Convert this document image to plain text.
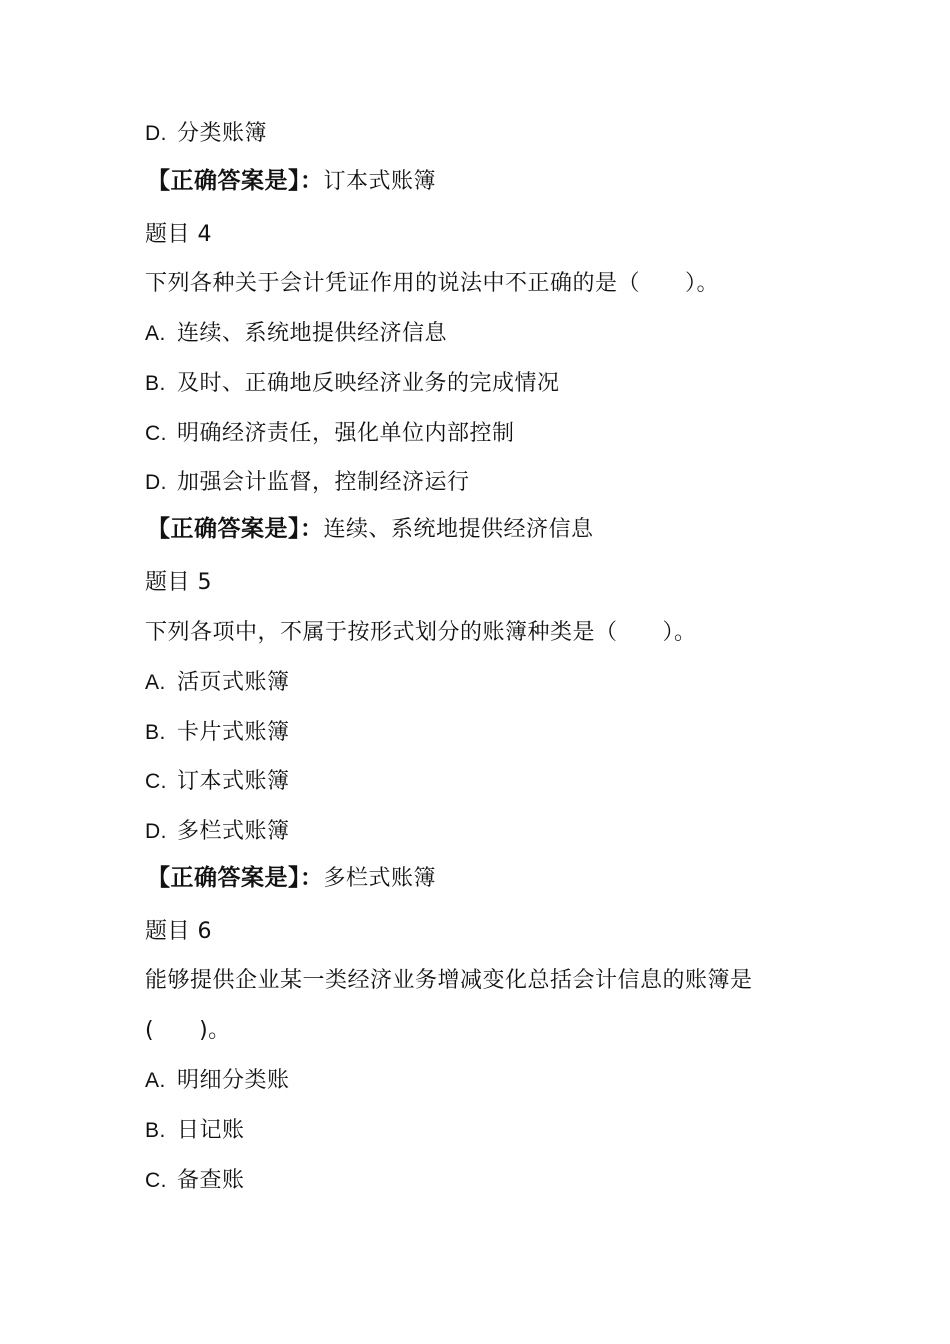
D. 分类账簿
【正确答案是】：订本式账簿
题目 4
下列各种关于会计凭证作用的说法中不正确的是（　　）。
A. 连续、系统地提供经济信息
B. 及时、正确地反映经济业务的完成情况
C. 明确经济责任，强化单位内部控制
D. 加强会计监督，控制经济运行
【正确答案是】：连续、系统地提供经济信息
题目 5
下列各项中，不属于按形式划分的账簿种类是（　　）。
A. 活页式账簿
B. 卡片式账簿
C. 订本式账簿
D. 多栏式账簿
【正确答案是】：多栏式账簿
题目 6
能够提供企业某一类经济业务增减变化总括会计信息的账簿是
(　　)。
A. 明细分类账
B. 日记账
C. 备查账
